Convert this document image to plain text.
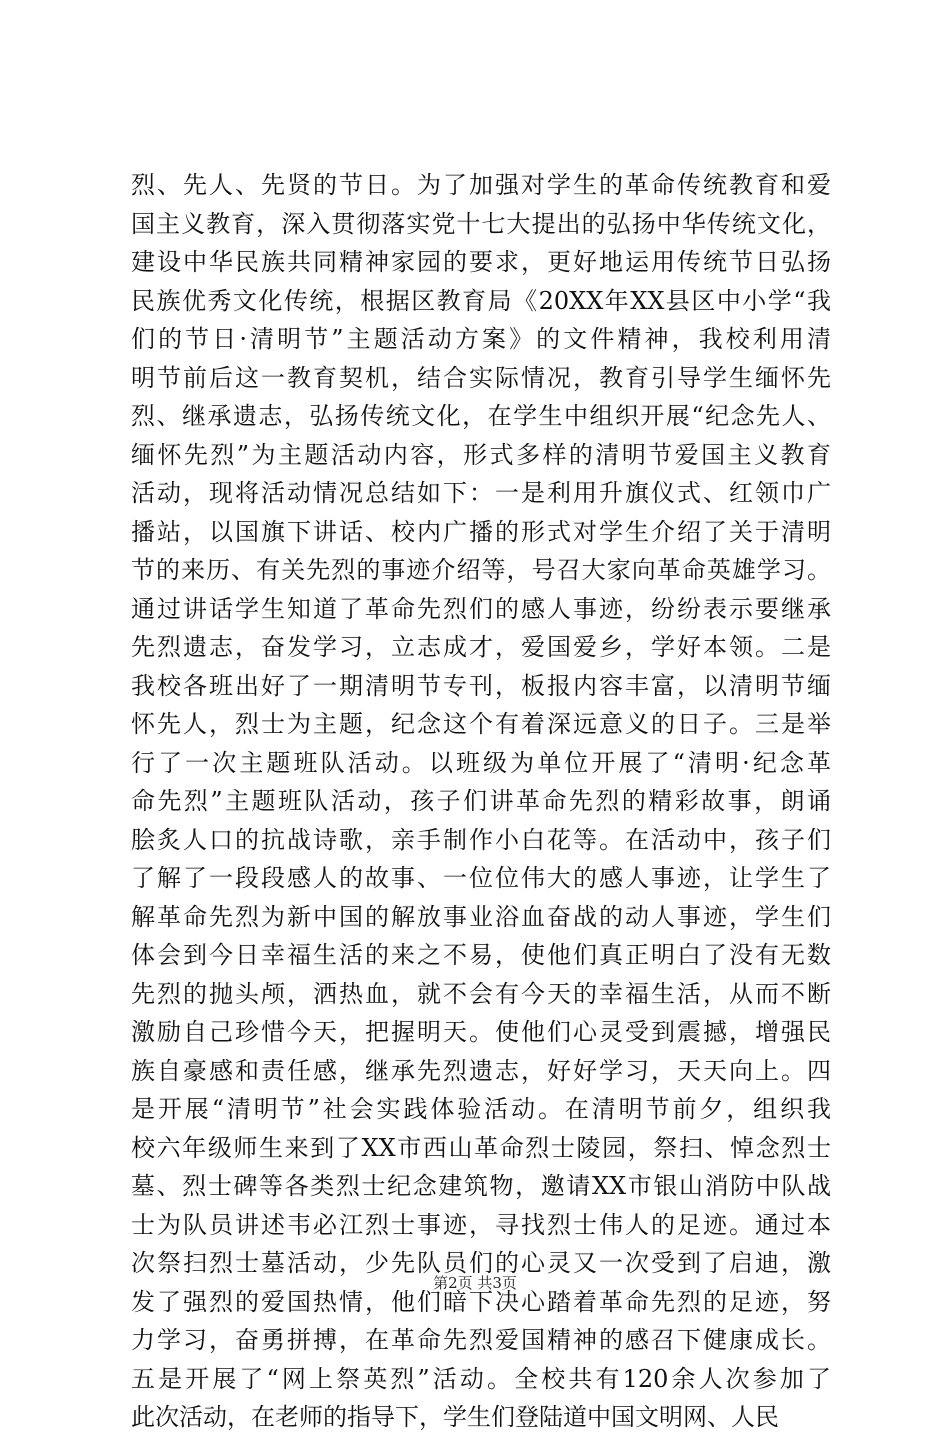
烈、先人、先贤的节日。为了加强对学生的革命传统教育和爱
国主义教育，深入贯彻落实党十七大提出的弘扬中华传统文化，
建设中华民族共同精神家园的要求，更好地运用传统节日弘扬
民族优秀文化传统，根据区教育局《20XX年XX县区中小学“我
们的节日·清明节”主题活动方案》的文件精神，我校利用清
明节前后这一教育契机，结合实际情况，教育引导学生缅怀先
烈、继承遗志，弘扬传统文化，在学生中组织开展“纪念先人、
缅怀先烈”为主题活动内容，形式多样的清明节爱国主义教育
活动，现将活动情况总结如下：一是利用升旗仪式、红领巾广
播站，以国旗下讲话、校内广播的形式对学生介绍了关于清明
节的来历、有关先烈的事迹介绍等，号召大家向革命英雄学习。
通过讲话学生知道了革命先烈们的感人事迹，纷纷表示要继承
先烈遗志，奋发学习，立志成才，爱国爱乡，学好本领。二是
我校各班出好了一期清明节专刊，板报内容丰富，以清明节缅
怀先人，烈士为主题，纪念这个有着深远意义的日子。三是举
行了一次主题班队活动。以班级为单位开展了“清明·纪念革
命先烈”主题班队活动，孩子们讲革命先烈的精彩故事，朗诵
脍炙人口的抗战诗歌，亲手制作小白花等。在活动中，孩子们
了解了一段段感人的故事、一位位伟大的感人事迹，让学生了
解革命先烈为新中国的解放事业浴血奋战的动人事迹，学生们
体会到今日幸福生活的来之不易，使他们真正明白了没有无数
先烈的抛头颅，洒热血，就不会有今天的幸福生活，从而不断
激励自己珍惜今天，把握明天。使他们心灵受到震撼，增强民
族自豪感和责任感，继承先烈遗志，好好学习，天天向上。四
是开展“清明节”社会实践体验活动。在清明节前夕，组织我
校六年级师生来到了XX市西山革命烈士陵园，祭扫、悼念烈士
墓、烈士碑等各类烈士纪念建筑物，邀请XX市银山消防中队战
士为队员讲述韦必江烈士事迹，寻找烈士伟人的足迹。通过本
次祭扫烈士墓活动，少先队员们的心灵又一次受到了启迪，激
发了强烈的爱国热情，他们暗下决心踏着革命先烈的足迹，努
力学习，奋勇拼搏，在革命先烈爱国精神的感召下健康成长。
五是开展了“网上祭英烈”活动。全校共有120余人次参加了
此次活动，在老师的指导下，学生们登陆道中国文明网、人民
第2页 共3页
